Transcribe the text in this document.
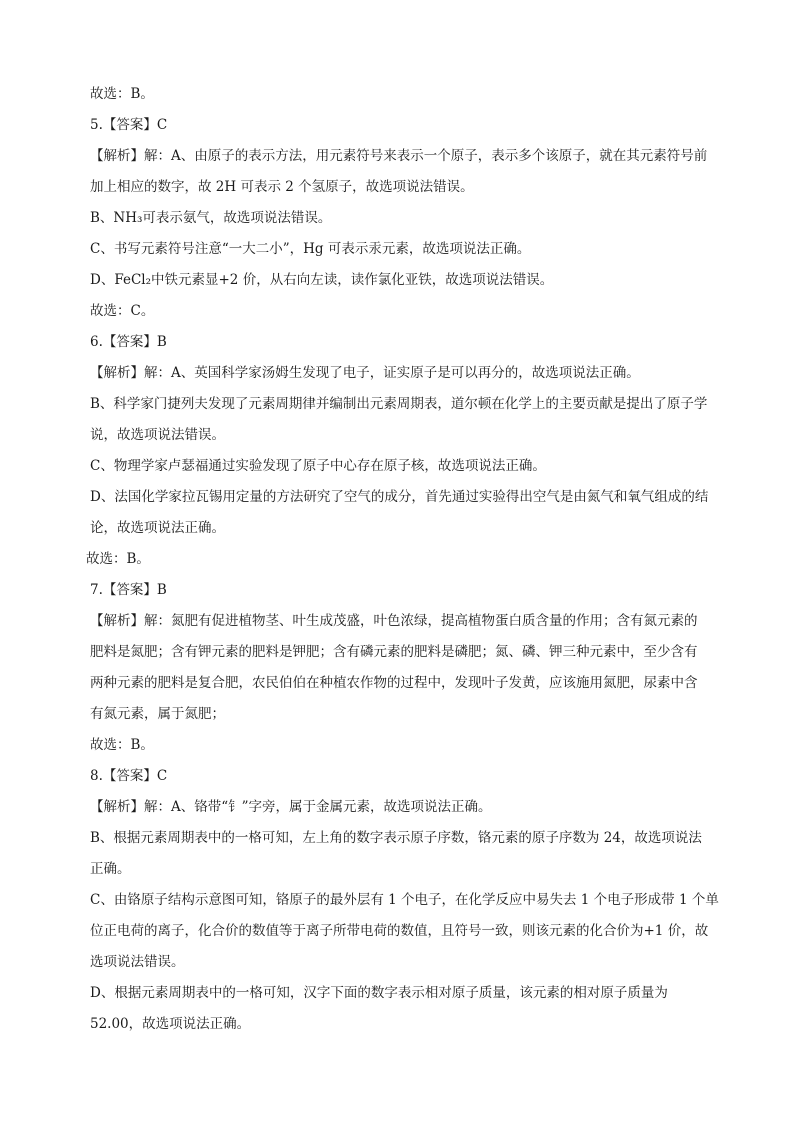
故选：B。

5.【答案】C

【解析】解：A、由原子的表示方法，用元素符号来表示一个原子，表示多个该原子，就在其元素符号前

加上相应的数字，故 2H 可表示 2 个氢原子，故选项说法错误。

B、NH₃可表示氨气，故选项说法错误。

C、书写元素符号注意“一大二小”，Hg 可表示汞元素，故选项说法正确。

D、FeCl₂中铁元素显+2 价，从右向左读，读作氯化亚铁，故选项说法错误。

故选：C。

6.【答案】B

【解析】解：A、英国科学家汤姆生发现了电子，证实原子是可以再分的，故选项说法正确。

B、科学家门捷列夫发现了元素周期律并编制出元素周期表，道尔顿在化学上的主要贡献是提出了原子学

说，故选项说法错误。

C、物理学家卢瑟福通过实验发现了原子中心存在原子核，故选项说法正确。

D、法国化学家拉瓦锡用定量的方法研究了空气的成分，首先通过实验得出空气是由氮气和氧气组成的结

论，故选项说法正确。

故选：B。

7.【答案】B

【解析】解：氮肥有促进植物茎、叶生成茂盛，叶色浓绿，提高植物蛋白质含量的作用；含有氮元素的

肥料是氮肥；含有钾元素的肥料是钾肥；含有磷元素的肥料是磷肥；氮、磷、钾三种元素中，至少含有

两种元素的肥料是复合肥，农民伯伯在种植农作物的过程中，发现叶子发黄，应该施用氮肥，尿素中含

有氮元素，属于氮肥；

故选：B。

8.【答案】C

【解析】解：A、铬带“钅”字旁，属于金属元素，故选项说法正确。

B、根据元素周期表中的一格可知，左上角的数字表示原子序数，铬元素的原子序数为 24，故选项说法

正确。

C、由铬原子结构示意图可知，铬原子的最外层有 1 个电子，在化学反应中易失去 1 个电子形成带 1 个单

位正电荷的离子，化合价的数值等于离子所带电荷的数值，且符号一致，则该元素的化合价为+1 价，故

选项说法错误。

D、根据元素周期表中的一格可知，汉字下面的数字表示相对原子质量，该元素的相对原子质量为

52.00，故选项说法正确。
